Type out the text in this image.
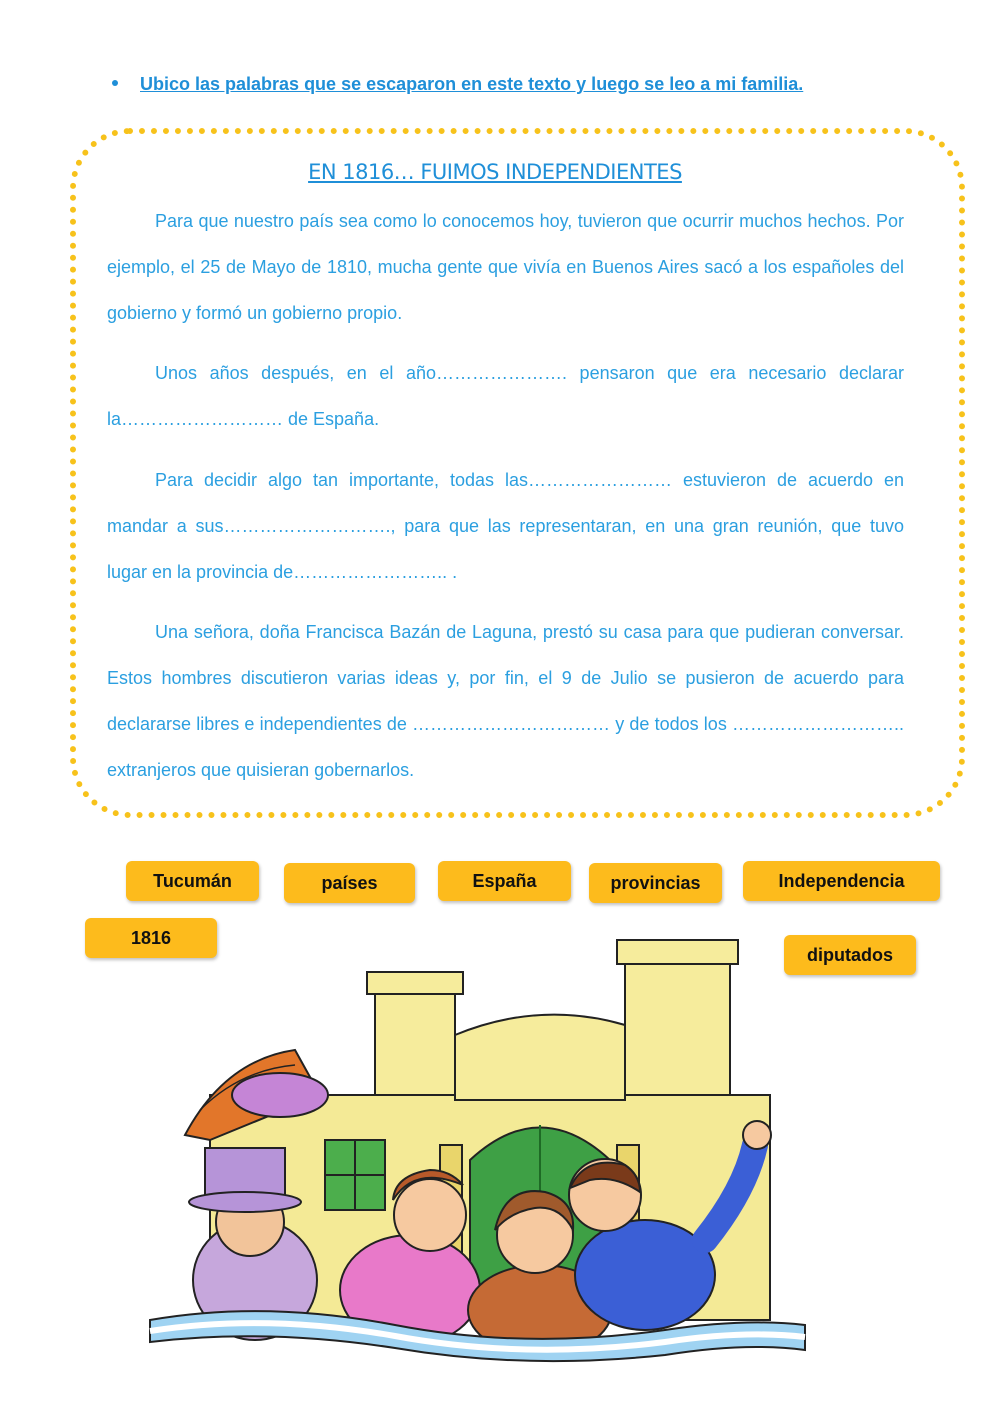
Ubico las palabras que se escaparon en este texto y luego se leo a mi familia.
EN 1816… FUIMOS INDEPENDIENTES

Para que nuestro país sea como lo conocemos hoy, tuvieron que ocurrir muchos hechos. Por ejemplo, el 25 de Mayo de 1810, mucha gente que vivía en Buenos Aires sacó a los españoles del gobierno y formó un gobierno propio.

Unos años después, en el año…………………. pensaron que era necesario declarar la……………………… de España.

Para decidir algo tan importante, todas las…………………… estuvieron de acuerdo en mandar a sus………………………., para que las representaran, en una gran reunión, que tuvo lugar en la provincia de…………………….. .

Una señora, doña Francisca Bazán de Laguna, prestó su casa para que pudieran conversar. Estos hombres discutieron varias ideas y, por fin, el 9 de Julio se pusieron de acuerdo para declararse libres e independientes de …………………………… y de todos los ……………………….. extranjeros que quisieran gobernarlos.

Tucumán	países	España	provincias	Independencia
1816
diputados
